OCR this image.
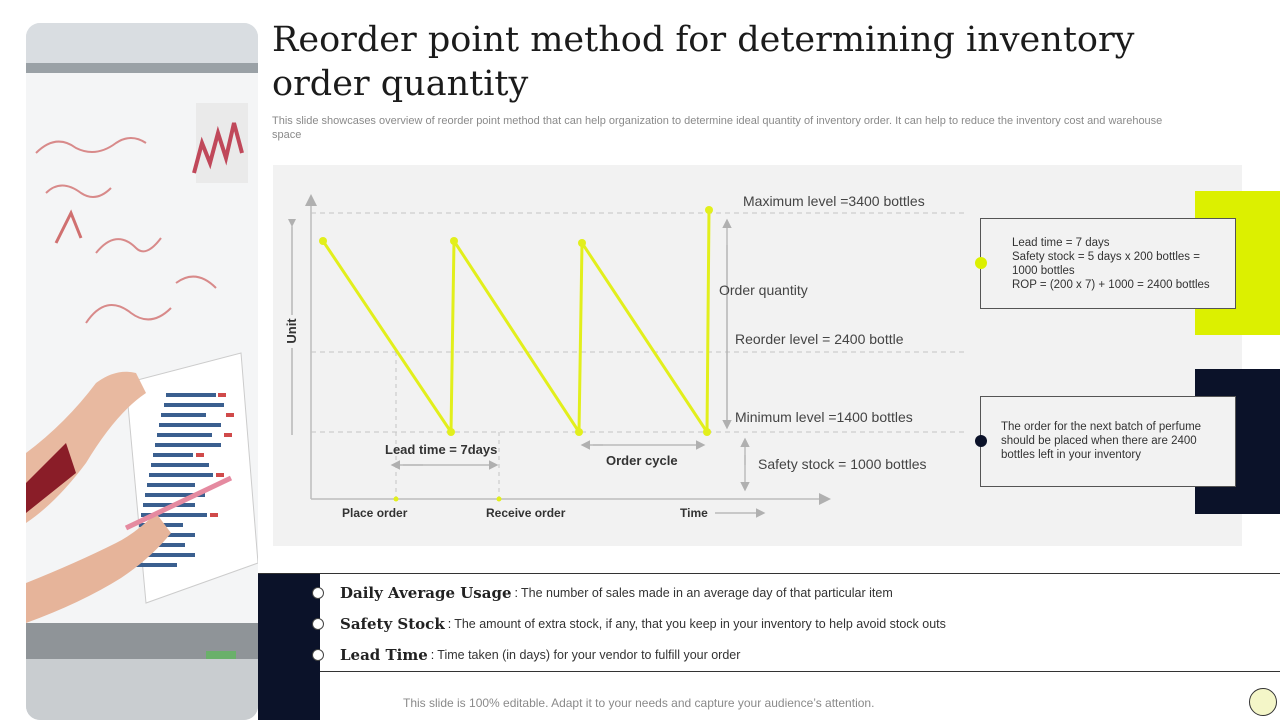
Reorder point method for determining inventory order quantity

This slide showcases overview of reorder point method that can help organization to determine ideal quantity of inventory order. It can help to reduce the inventory cost and warehouse space

Unit
Maximum level =3400 bottles
Order quantity
Reorder level = 2400 bottle
Minimum level =1400 bottles
Safety stock = 1000 bottles
Lead time = 7days
Order cycle
Place order	Receive order	Time

Lead time = 7 days

Safety stock = 5 days x 200 bottles =

1000 bottles

ROP = (200 x 7) + 1000 = 2400 bottles

The order for the next batch of perfume

should be placed when there are 2400

bottles left in your inventory

Daily Average Usage : The number of sales made in an average day of that particular item
Safety Stock : The amount of extra stock, if any, that you keep in your inventory to help avoid stock outs
Lead Time : Time taken (in days) for your vendor to fulfill your order
This slide is 100% editable. Adapt it to your needs and capture your audience’s attention.
